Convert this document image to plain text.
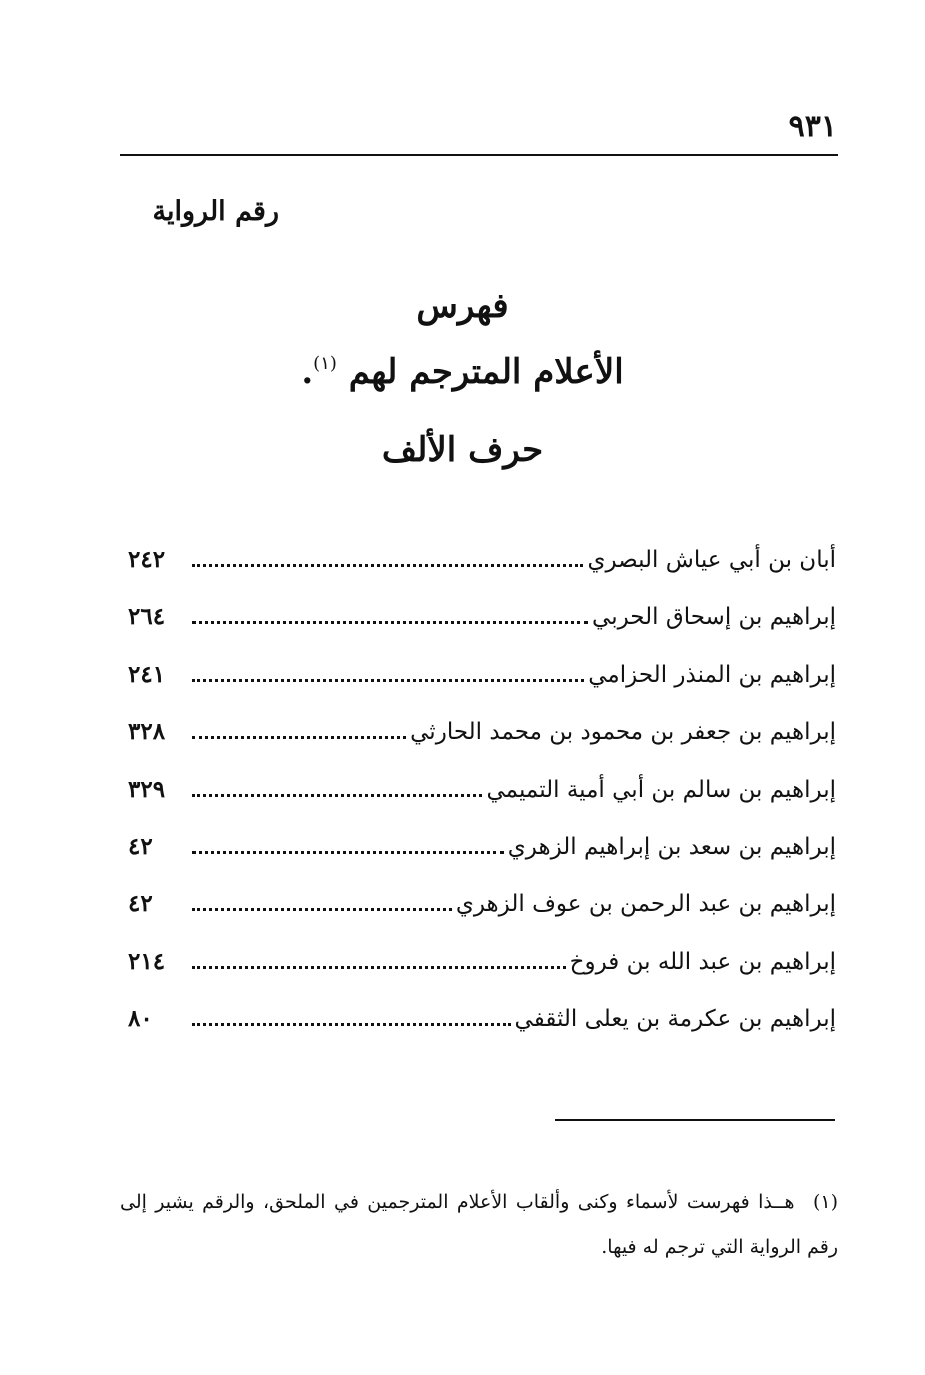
٩٣١
رقم الرواية
فهرس
الأعلام المترجم لهم $^{(١)}$.
حرف الألف
أبان بن أبي عياش البصري
٢٤٢
إبراهيم بن إسحاق الحربي
٢٦٤
إبراهيم بن المنذر الحزامي
٢٤١
إبراهيم بن جعفر بن محمود بن محمد الحارثي
٣٢٨
إبراهيم بن سالم بن أبي أمية التميمي
٣٢٩
إبراهيم بن سعد بن إبراهيم الزهري
٤٢
إبراهيم بن عبد الرحمن بن عوف الزهري
٤٢
إبراهيم بن عبد الله بن فروخ
٢١٤
إبراهيم بن عكرمة بن يعلى الثقفي
٨٠
(١) هــذا فهرست لأسماء وكنى وألقاب الأعلام المترجمين في الملحق، والرقم يشير إلى رقم الرواية التي ترجم له فيها.
